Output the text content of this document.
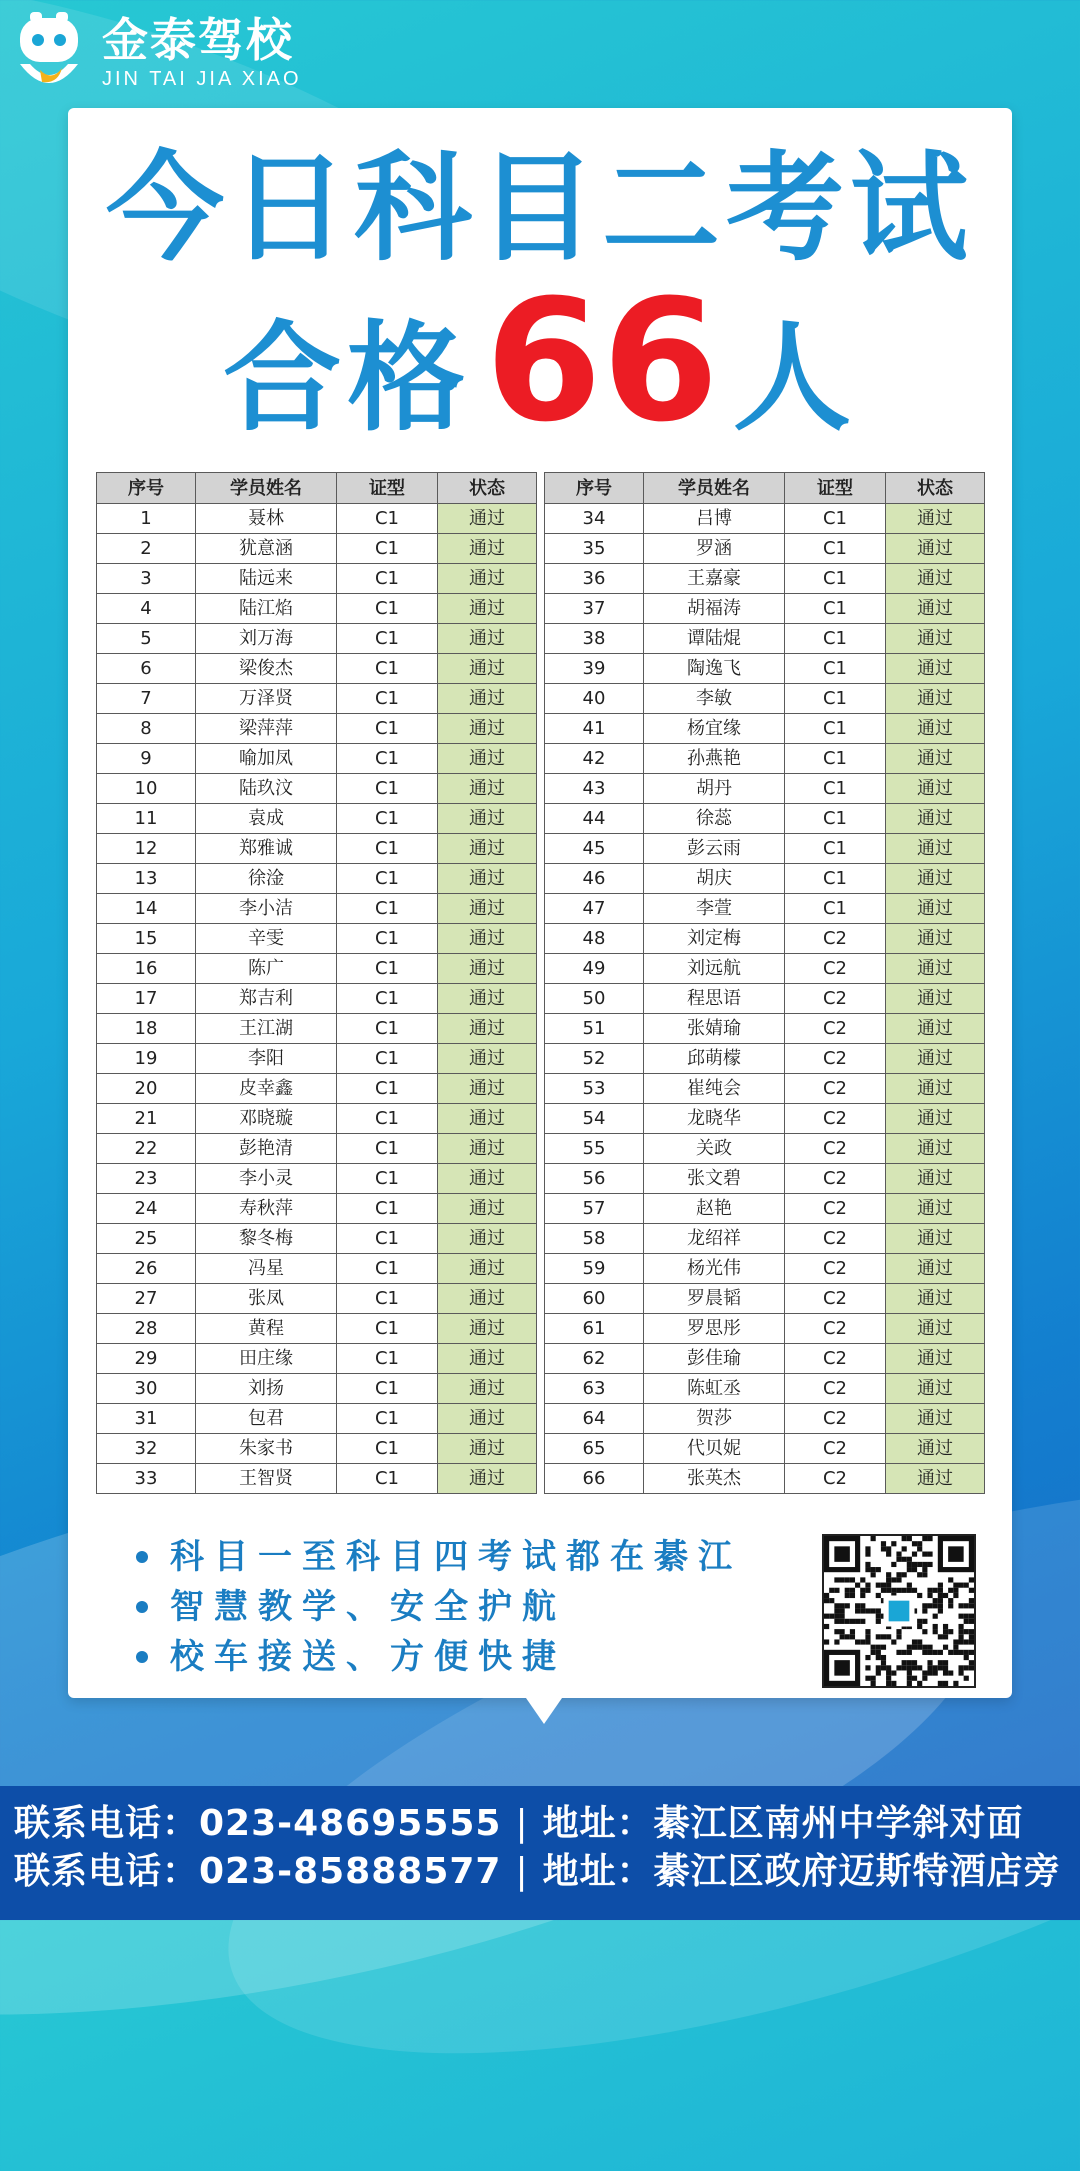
金泰驾校
JIN TAI JIA XIAO
今日科目二考试
合格66 人
序号	学员姓名	证型	状态
1	聂林	C1	通过
2	犹意涵	C1	通过
3	陆远来	C1	通过
4	陆江焰	C1	通过
5	刘万海	C1	通过
6	梁俊杰	C1	通过
7	万泽贤	C1	通过
8	梁萍萍	C1	通过
9	喻加凤	C1	通过
10	陆玖汶	C1	通过
11	袁成	C1	通过
12	郑雅诚	C1	通过
13	徐淦	C1	通过
14	李小洁	C1	通过
15	辛雯	C1	通过
16	陈广	C1	通过
17	郑吉利	C1	通过
18	王江湖	C1	通过
19	李阳	C1	通过
20	皮幸鑫	C1	通过
21	邓晓璇	C1	通过
22	彭艳清	C1	通过
23	李小灵	C1	通过
24	寿秋萍	C1	通过
25	黎冬梅	C1	通过
26	冯星	C1	通过
27	张凤	C1	通过
28	黄程	C1	通过
29	田庄缘	C1	通过
30	刘扬	C1	通过
31	包君	C1	通过
32	朱家书	C1	通过
33	王智贤	C1	通过
序号	学员姓名	证型	状态
34	吕博	C1	通过
35	罗涵	C1	通过
36	王嘉豪	C1	通过
37	胡福涛	C1	通过
38	谭陆焜	C1	通过
39	陶逸飞	C1	通过
40	李敏	C1	通过
41	杨宜缘	C1	通过
42	孙燕艳	C1	通过
43	胡丹	C1	通过
44	徐蕊	C1	通过
45	彭云雨	C1	通过
46	胡庆	C1	通过
47	李萱	C1	通过
48	刘定梅	C2	通过
49	刘远航	C2	通过
50	程思语	C2	通过
51	张婧瑜	C2	通过
52	邱萌檬	C2	通过
53	崔纯会	C2	通过
54	龙晓华	C2	通过
55	关政	C2	通过
56	张文碧	C2	通过
57	赵艳	C2	通过
58	龙绍祥	C2	通过
59	杨光伟	C2	通过
60	罗晨韬	C2	通过
61	罗思彤	C2	通过
62	彭佳瑜	C2	通过
63	陈虹丞	C2	通过
64	贺莎	C2	通过
65	代贝妮	C2	通过
66	张英杰	C2	通过
科目一至科目四考试都在綦江
智慧教学、安全护航
校车接送、方便快捷
联系电话：023-48695555 | 地址：綦江区南州中学斜对面
联系电话：023-85888577 | 地址：綦江区政府迈斯特酒店旁
